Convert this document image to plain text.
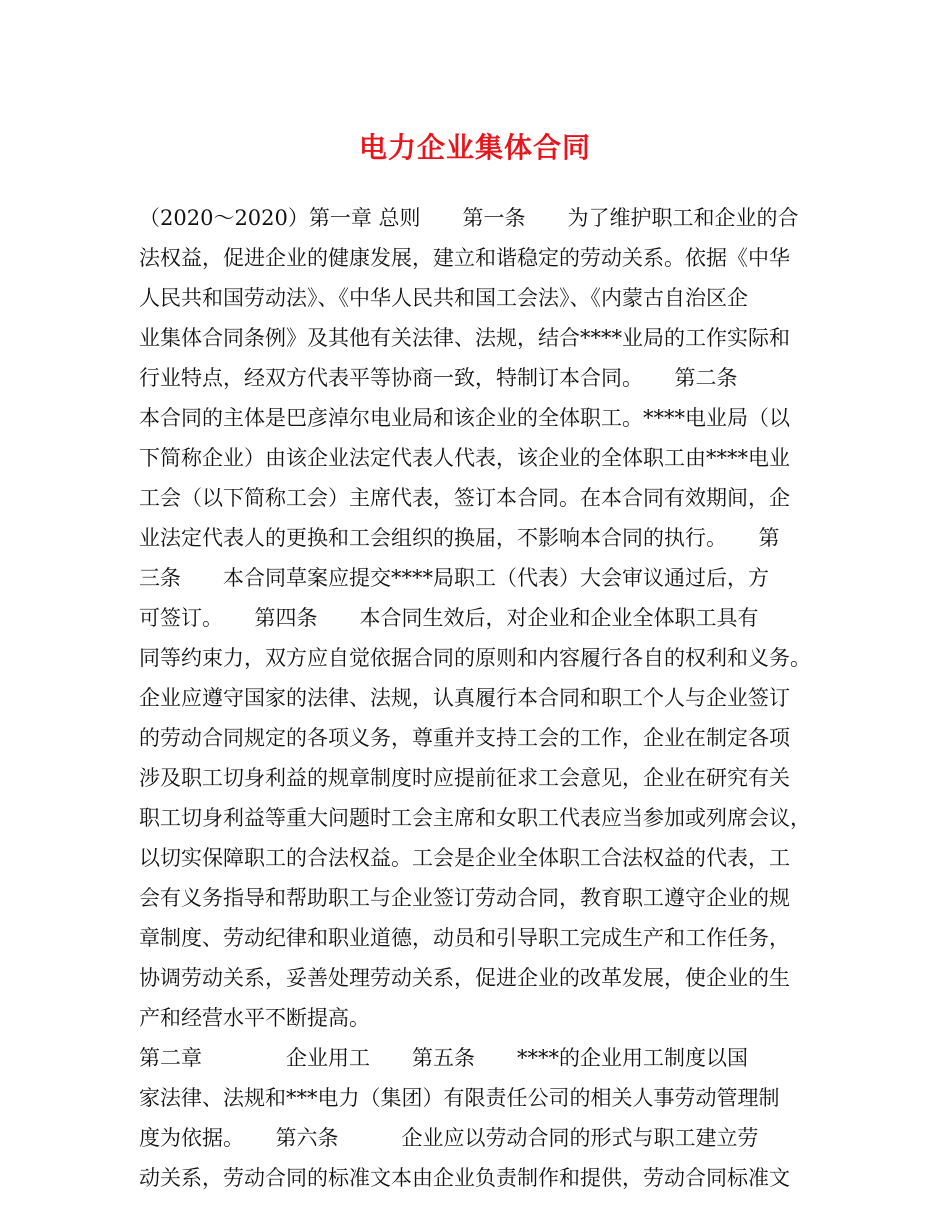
电力企业集体合同
（2020～2020）第一章 总则　　第一条　　为了维护职工和企业的合
法权益，促进企业的健康发展，建立和谐稳定的劳动关系。依据《中华
人民共和国劳动法》、《中华人民共和国工会法》、《内蒙古自治区企
业集体合同条例》及其他有关法律、法规，结合****业局的工作实际和
行业特点，经双方代表平等协商一致，特制订本合同。　　第二条
本合同的主体是巴彦淖尔电业局和该企业的全体职工。****电业局（以
下简称企业）由该企业法定代表人代表，该企业的全体职工由****电业
工会（以下简称工会）主席代表，签订本合同。在本合同有效期间，企
业法定代表人的更换和工会组织的换届，不影响本合同的执行。　　第
三条　　本合同草案应提交****局职工（代表）大会审议通过后，方
可签订。　　第四条　　本合同生效后，对企业和企业全体职工具有
同等约束力，双方应自觉依据合同的原则和内容履行各自的权利和义务。
企业应遵守国家的法律、法规，认真履行本合同和职工个人与企业签订
的劳动合同规定的各项义务，尊重并支持工会的工作，企业在制定各项
涉及职工切身利益的规章制度时应提前征求工会意见，企业在研究有关
职工切身利益等重大问题时工会主席和女职工代表应当参加或列席会议，
以切实保障职工的合法权益。工会是企业全体职工合法权益的代表，工
会有义务指导和帮助职工与企业签订劳动合同，教育职工遵守企业的规
章制度、劳动纪律和职业道德，动员和引导职工完成生产和工作任务，
协调劳动关系，妥善处理劳动关系，促进企业的改革发展，使企业的生
产和经营水平不断提高。
第二章　　　　企业用工　　第五条　　****的企业用工制度以国
家法律、法规和***电力（集团）有限责任公司的相关人事劳动管理制
度为依据。　　第六条　　　企业应以劳动合同的形式与职工建立劳
动关系，劳动合同的标准文本由企业负责制作和提供，劳动合同标准文
